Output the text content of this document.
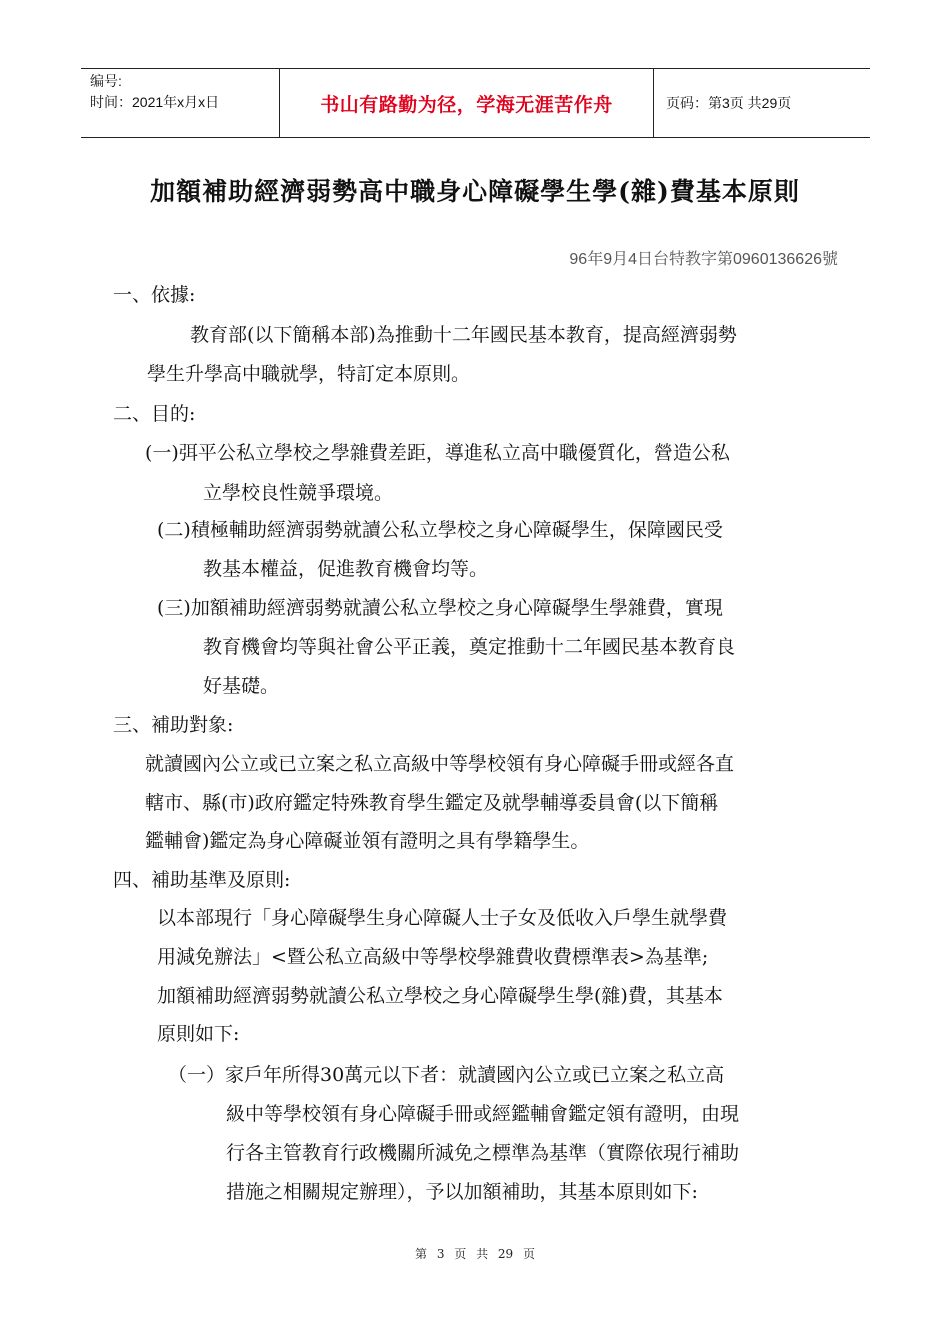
编号:
时间：2021年x月x日	书山有路勤为径，学海无涯苦作舟	页码：第3页 共29页
加額補助經濟弱勢高中職身心障礙學生學(雜)費基本原則
96年9月4日台特教字第0960136626號
一、依據:
教育部(以下簡稱本部)為推動十二年國民基本教育，提高經濟弱勢
學生升學高中職就學，特訂定本原則。
二、目的:
(一)弭平公私立學校之學雜費差距，導進私立高中職優質化，營造公私
立學校良性競爭環境。
(二)積極輔助經濟弱勢就讀公私立學校之身心障礙學生，保障國民受
教基本權益，促進教育機會均等。
(三)加額補助經濟弱勢就讀公私立學校之身心障礙學生學雜費，實現
教育機會均等與社會公平正義，奠定推動十二年國民基本教育良
好基礎。
三、補助對象:
就讀國內公立或已立案之私立高級中等學校領有身心障礙手冊或經各直
轄市、縣(市)政府鑑定特殊教育學生鑑定及就學輔導委員會(以下簡稱
鑑輔會)鑑定為身心障礙並領有證明之具有學籍學生。
四、補助基準及原則:
以本部現行「身心障礙學生身心障礙人士子女及低收入戶學生就學費
用減免辦法」<暨公私立高級中等學校學雜費收費標準表>為基準;
加額補助經濟弱勢就讀公私立學校之身心障礙學生學(雜)費，其基本
原則如下:
（一）家戶年所得30萬元以下者：就讀國內公立或已立案之私立高
級中等學校領有身心障礙手冊或經鑑輔會鑑定領有證明，由現
行各主管教育行政機關所減免之標準為基準（實際依現行補助
措施之相關規定辦理），予以加額補助，其基本原則如下:
第 3 页 共 29 页
